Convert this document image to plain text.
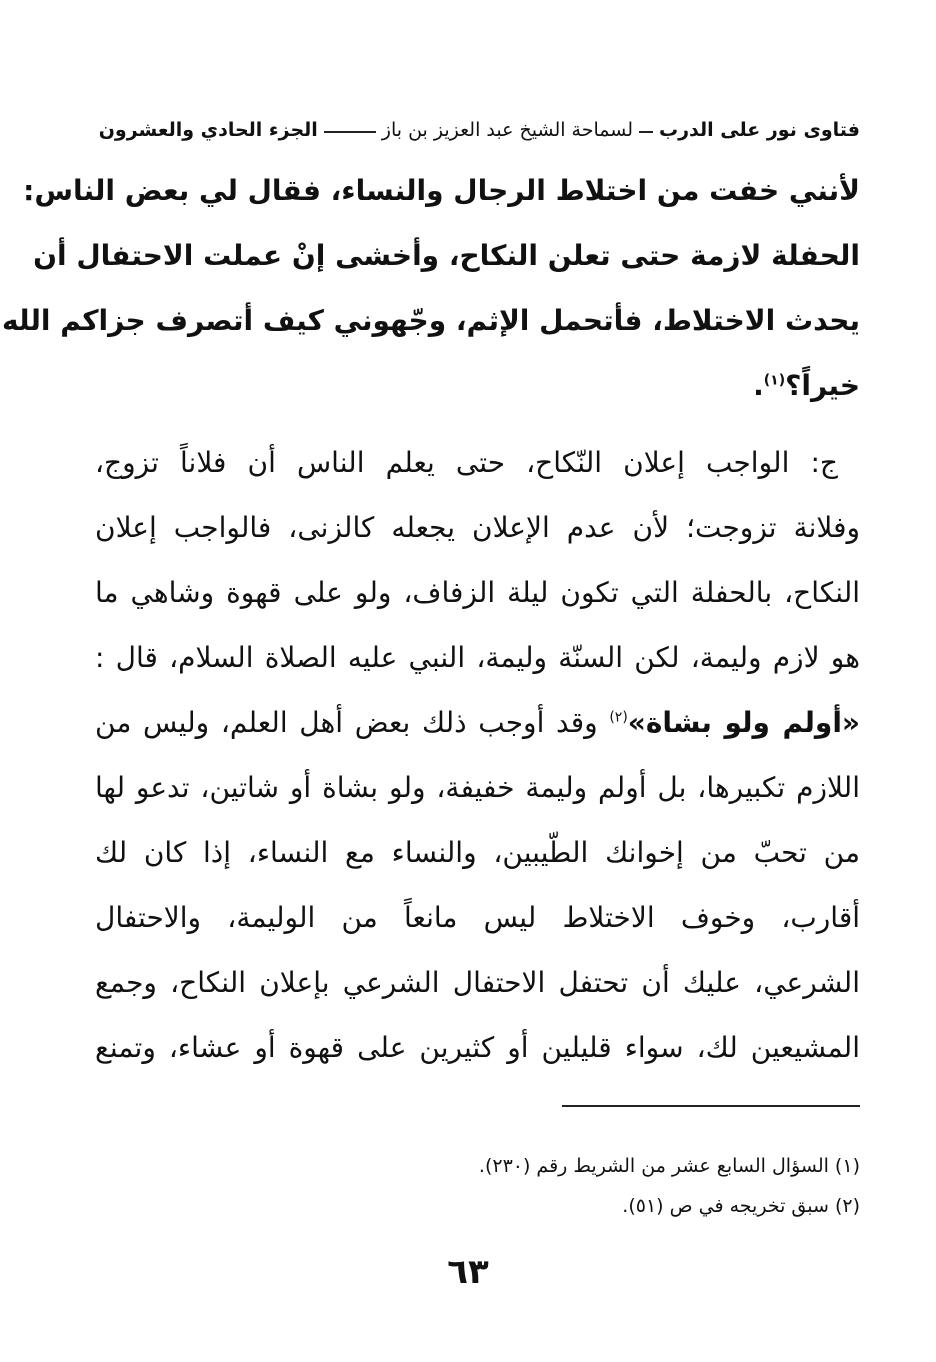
فتاوى نور على الدرب
لسماحة الشيخ عبد العزيز بن باز
الجزء الحادي والعشرون
لأنني خفت من اختلاط الرجال والنساء، فقال لي بعض الناس:
الحفلة لازمة حتى تعلن النكاح، وأخشى إنْ عملت الاحتفال أن
يحدث الاختلاط، فأتحمل الإثم، وجّهوني كيف أتصرف جزاكم الله
خيراً؟$^{(١)}$.
ج: الواجب إعلان النّكاح، حتى يعلم الناس أن فلاناً تزوج،
وفلانة تزوجت؛ لأن عدم الإعلان يجعله كالزنى، فالواجب إعلان
النكاح، بالحفلة التي تكون ليلة الزفاف، ولو على قهوة وشاهي ما
هو لازم وليمة، لكن السنّة وليمة، النبي عليه الصلاة السلام، قال :
«أولم ولو بشاة»$^{(٢)}$ وقد أوجب ذلك بعض أهل العلم، وليس من
اللازم تكبيرها، بل أولم وليمة خفيفة، ولو بشاة أو شاتين، تدعو لها
من تحبّ من إخوانك الطّيبين، والنساء مع النساء، إذا كان لك
أقارب، وخوف الاختلاط ليس مانعاً من الوليمة، والاحتفال
الشرعي، عليك أن تحتفل الاحتفال الشرعي بإعلان النكاح، وجمع
المشيعين لك، سواء قليلين أو كثيرين على قهوة أو عشاء، وتمنع
(١) السؤال السابع عشر من الشريط رقم (٢٣٠).
(٢) سبق تخريجه في ص (٥١).
٦٣
